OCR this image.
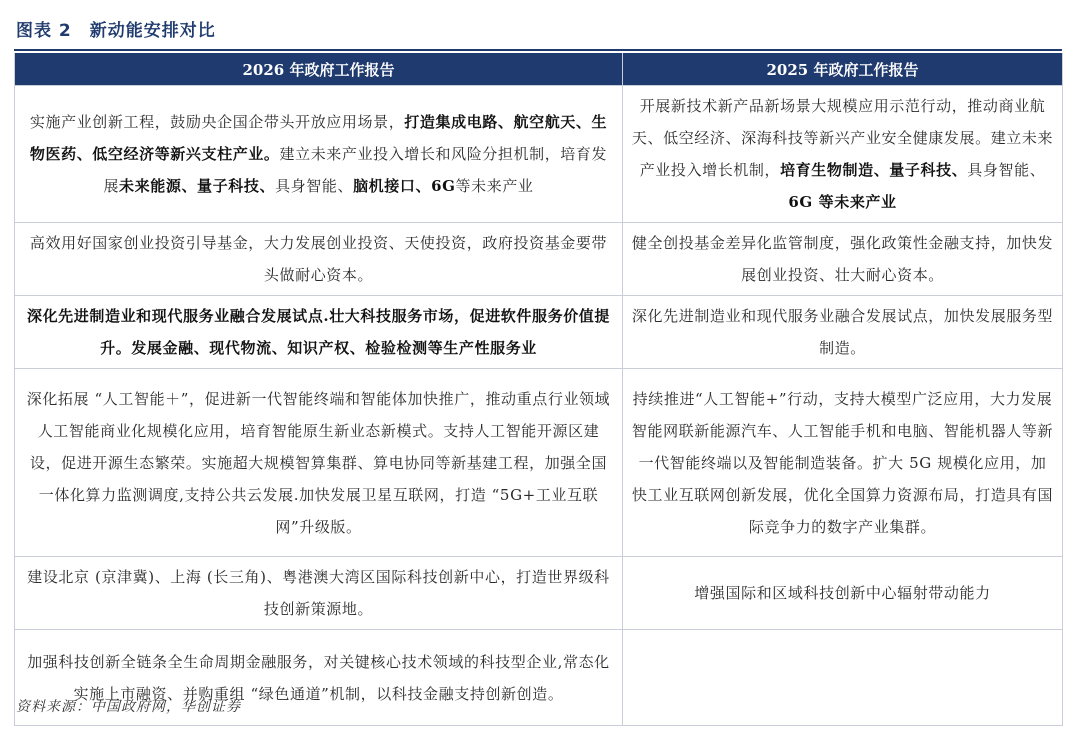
图表 2 新动能安排对比
2026 年政府工作报告	2025 年政府工作报告
实施产业创新工程，鼓励央企国企带头开放应用场景，打造集成电路、航空航天、生物医药、低空经济等新兴支柱产业。建立未来产业投入增长和风险分担机制，培育发展未来能源、量子科技、具身智能、脑机接口、6G等未来产业	开展新技术新产品新场景大规模应用示范行动，推动商业航天、低空经济、深海科技等新兴产业安全健康发展。建立未来产业投入增长机制，培育生物制造、量子科技、具身智能、6G 等未来产业
高效用好国家创业投资引导基金，大力发展创业投资、天使投资，政府投资基金要带头做耐心资本。	健全创投基金差异化监管制度，强化政策性金融支持，加快发展创业投资、壮大耐心资本。
深化先进制造业和现代服务业融合发展试点.壮大科技服务市场，促进软件服务价值提升。发展金融、现代物流、知识产权、检验检测等生产性服务业	深化先进制造业和现代服务业融合发展试点，加快发展服务型制造。
深化拓展 “人工智能＋”，促进新一代智能终端和智能体加快推广，推动重点行业领域人工智能商业化规模化应用，培育智能原生新业态新模式。支持人工智能开源区建设，促进开源生态繁荣。实施超大规模智算集群、算电协同等新基建工程，加强全国一体化算力监测调度,支持公共云发展.加快发展卫星互联网，打造 “5G+工业互联网”升级版。	持续推进“人工智能+”行动，支持大模型广泛应用，大力发展智能网联新能源汽车、人工智能手机和电脑、智能机器人等新一代智能终端以及智能制造装备。扩大 5G 规模化应用，加快工业互联网创新发展，优化全国算力资源布局，打造具有国际竞争力的数字产业集群。
建设北京 (京津冀)、上海 (长三角)、粤港澳大湾区国际科技创新中心，打造世界级科技创新策源地。	增强国际和区域科技创新中心辐射带动能力
加强科技创新全链条全生命周期金融服务，对关键核心技术领域的科技型企业,常态化实施上市融资、并购重组 “绿色通道”机制，以科技金融支持创新创造。	
资料来源：中国政府网，华创证券
